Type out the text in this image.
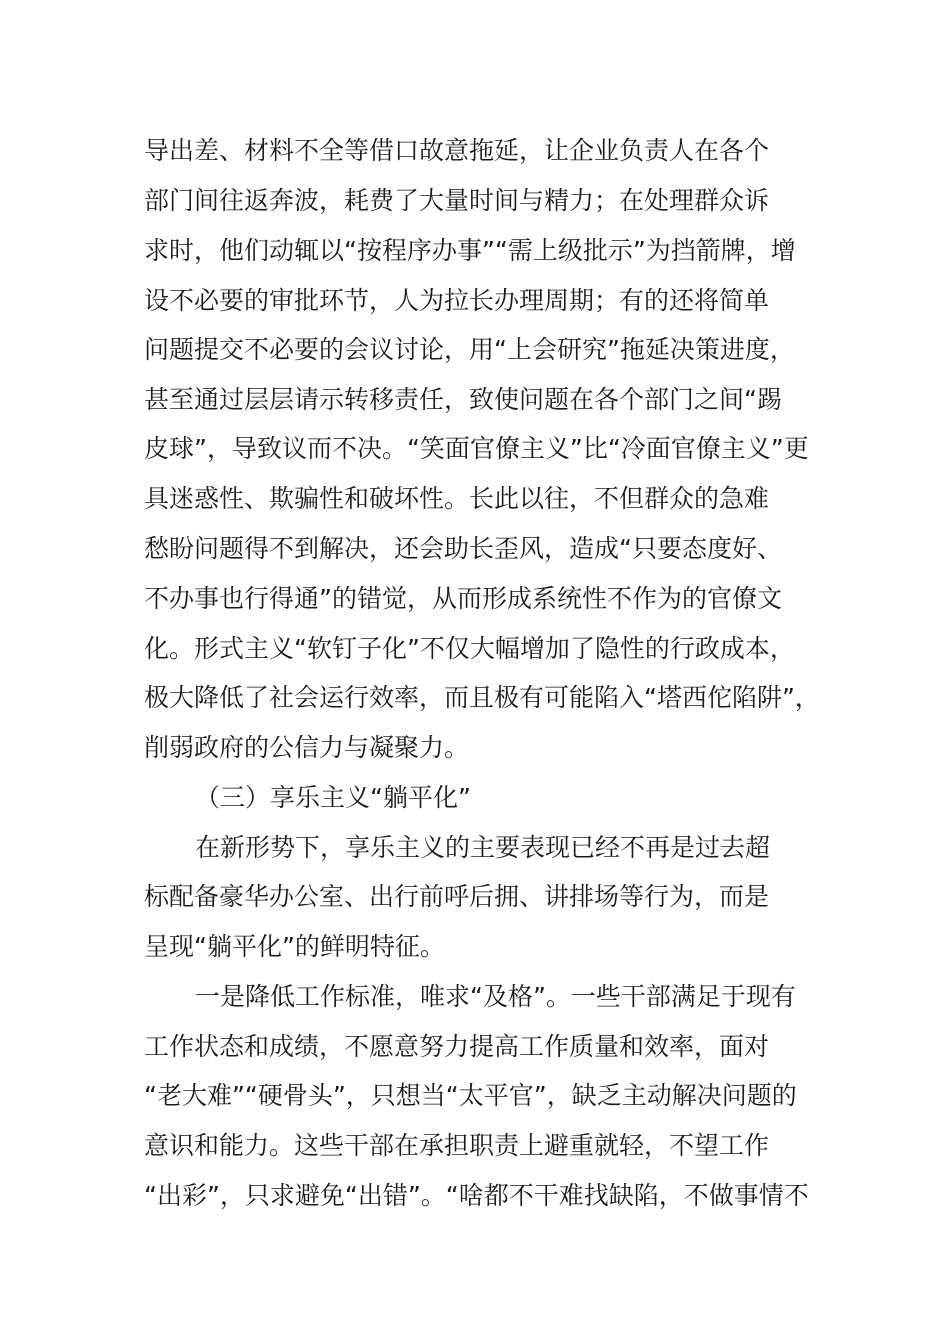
导出差、材料不全等借口故意拖延，让企业负责人在各个
部门间往返奔波，耗费了大量时间与精力；在处理群众诉
求时，他们动辄以“按程序办事”“需上级批示”为挡箭牌，增
设不必要的审批环节，人为拉长办理周期；有的还将简单
问题提交不必要的会议讨论，用“上会研究”拖延决策进度，
甚至通过层层请示转移责任，致使问题在各个部门之间“踢
皮球”，导致议而不决。“笑面官僚主义”比“冷面官僚主义”更
具迷惑性、欺骗性和破坏性。长此以往，不但群众的急难
愁盼问题得不到解决，还会助长歪风，造成“只要态度好、
不办事也行得通”的错觉，从而形成系统性不作为的官僚文
化。形式主义“软钉子化”不仅大幅增加了隐性的行政成本，
极大降低了社会运行效率，而且极有可能陷入“塔西佗陷阱”，
削弱政府的公信力与凝聚力。
（三）享乐主义“躺平化”
在新形势下，享乐主义的主要表现已经不再是过去超
标配备豪华办公室、出行前呼后拥、讲排场等行为，而是
呈现“躺平化”的鲜明特征。
一是降低工作标准，唯求“及格”。一些干部满足于现有
工作状态和成绩，不愿意努力提高工作质量和效率，面对
“老大难”“硬骨头”，只想当“太平官”，缺乏主动解决问题的
意识和能力。这些干部在承担职责上避重就轻，不望工作
“出彩”，只求避免“出错”。“啥都不干难找缺陷，不做事情不
